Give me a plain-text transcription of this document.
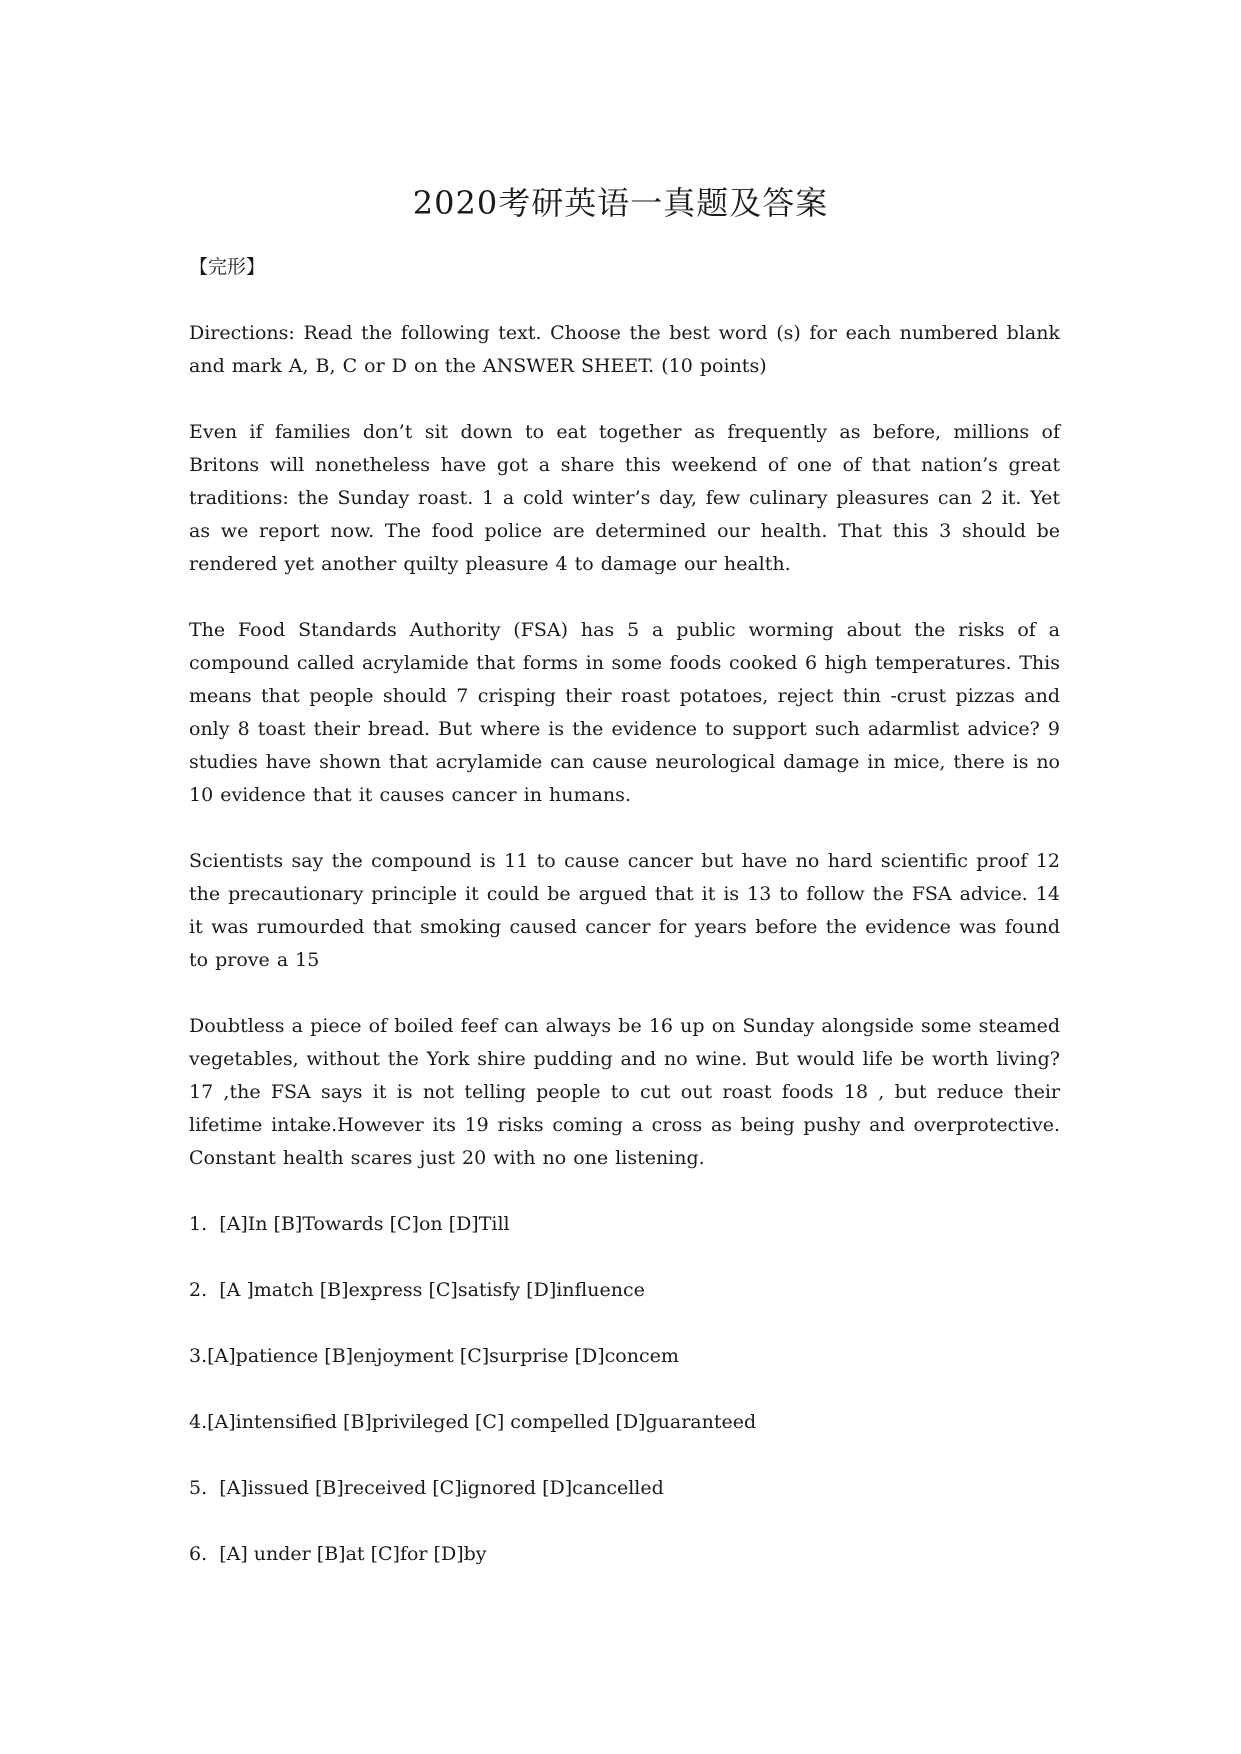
2020考研英语一真题及答案
【完形】

Directions: Read the following text. Choose the best word (s) for each numbered blank and mark A, B, C or D on the ANSWER SHEET. (10 points)

Even if families don’t sit down to eat together as frequently as before, millions of Britons will nonetheless have got a share this weekend of one of that nation’s great traditions: the Sunday roast. 1 a cold winter’s day, few culinary pleasures can 2 it. Yet as we report now. The food police are determined our health. That this 3 should be rendered yet another quilty pleasure 4 to damage our health.

The Food Standards Authority (FSA) has 5 a public worming about the risks of a compound called acrylamide that forms in some foods cooked 6 high temperatures. This means that people should 7 crisping their roast potatoes, reject thin -crust pizzas and only 8 toast their bread. But where is the evidence to support such adarmlist advice? 9 studies have shown that acrylamide can cause neurological damage in mice, there is no 10 evidence that it causes cancer in humans.

Scientists say the compound is 11 to cause cancer but have no hard scientific proof 12 the precautionary principle it could be argued that it is 13 to follow the FSA advice. 14 it was rumourded that smoking caused cancer for years before the evidence was found to prove a 15

Doubtless a piece of boiled feef can always be 16 up on Sunday alongside some steamed vegetables, without the York shire pudding and no wine. But would life be worth living? 17 ,the FSA says it is not telling people to cut out roast foods 18 , but reduce their lifetime intake.However its 19 risks coming a cross as being pushy and overprotective. Constant health scares just 20 with no one listening.

1.  [A]In [B]Towards [C]on [D]Till
2.  [A ]match [B]express [C]satisfy [D]influence
3.[A]patience [B]enjoyment [C]surprise [D]concem
4.[A]intensified [B]privileged [C] compelled [D]guaranteed
5.  [A]issued [B]received [C]ignored [D]cancelled
6.  [A] under [B]at [C]for [D]by
